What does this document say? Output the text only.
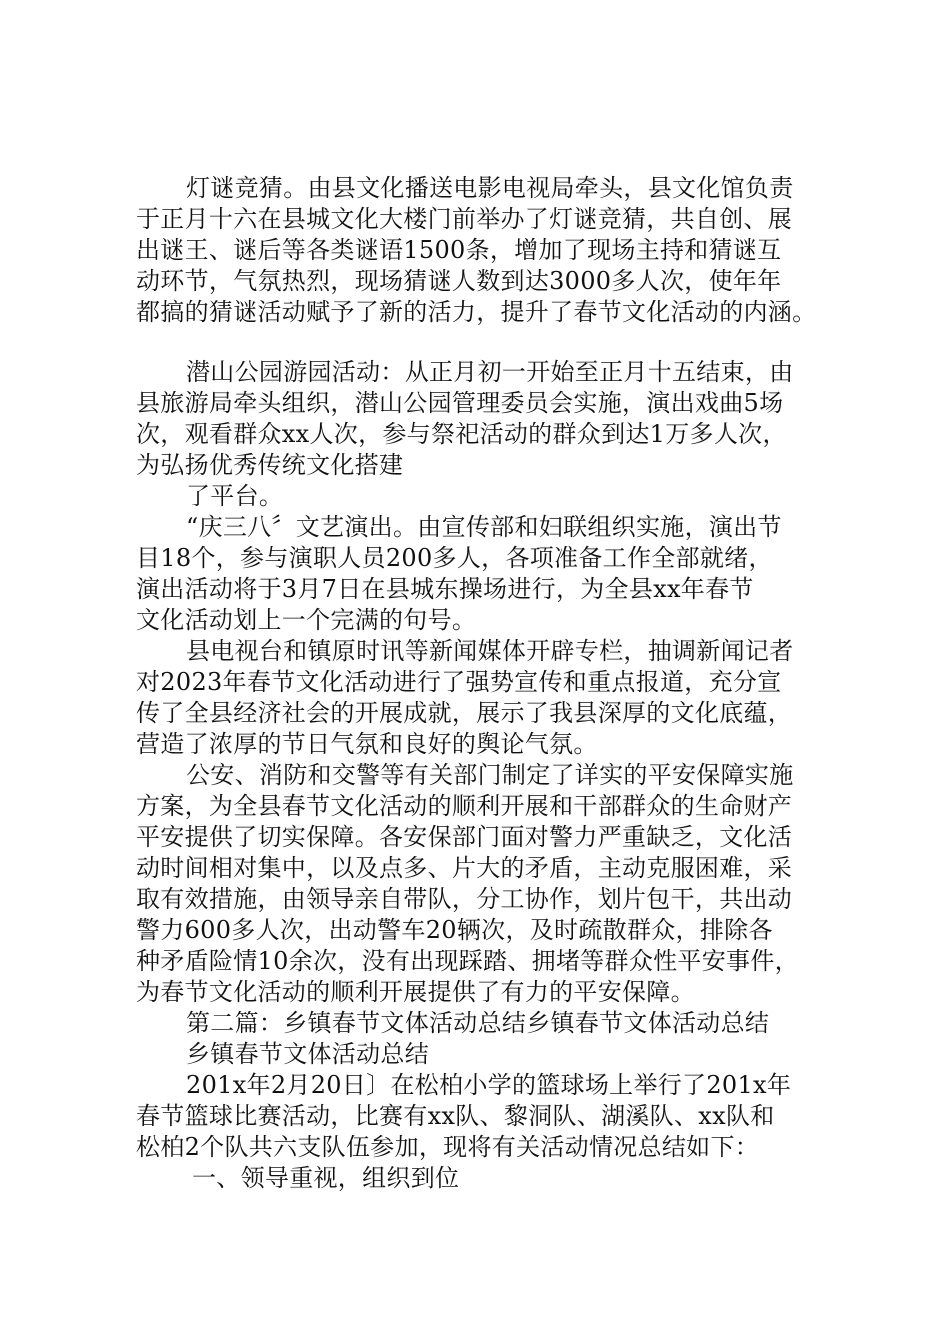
灯谜竞猜。由县文化播送电影电视局牵头，县文化馆负责
于正月十六在县城文化大楼门前举办了灯谜竞猜，共自创、展
出谜王、谜后等各类谜语1500条，增加了现场主持和猜谜互
动环节，气氛热烈，现场猜谜人数到达3000多人次，使年年
都搞的猜谜活动赋予了新的活力，提升了春节文化活动的内涵。
潜山公园游园活动：从正月初一开始至正月十五结束，由
县旅游局牵头组织，潜山公园管理委员会实施，演出戏曲5场
次，观看群众xx人次，参与祭祀活动的群众到达1万多人次，
为弘扬优秀传统文化搭建
了平台。
“庆三八〞文艺演出。由宣传部和妇联组织实施，演出节
目18个，参与演职人员200多人，各项准备工作全部就绪，
演出活动将于3月7日在县城东操场进行，为全县xx年春节
文化活动划上一个完满的句号。
县电视台和镇原时讯等新闻媒体开辟专栏，抽调新闻记者
对2023年春节文化活动进行了强势宣传和重点报道，充分宣
传了全县经济社会的开展成就，展示了我县深厚的文化底蕴，
营造了浓厚的节日气氛和良好的舆论气氛。
公安、消防和交警等有关部门制定了详实的平安保障实施
方案，为全县春节文化活动的顺利开展和干部群众的生命财产
平安提供了切实保障。各安保部门面对警力严重缺乏，文化活
动时间相对集中，以及点多、片大的矛盾，主动克服困难，采
取有效措施，由领导亲自带队，分工协作，划片包干，共出动
警力600多人次，出动警车20辆次，及时疏散群众，排除各
种矛盾险情10余次，没有出现踩踏、拥堵等群众性平安事件，
为春节文化活动的顺利开展提供了有力的平安保障。
第二篇：乡镇春节文体活动总结乡镇春节文体活动总结
乡镇春节文体活动总结
201x年2月20日〕在松柏小学的篮球场上举行了201x年
春节篮球比赛活动，比赛有xx队、黎洞队、湖溪队、xx队和
松柏2个队共六支队伍参加，现将有关活动情况总结如下：
一、领导重视，组织到位
